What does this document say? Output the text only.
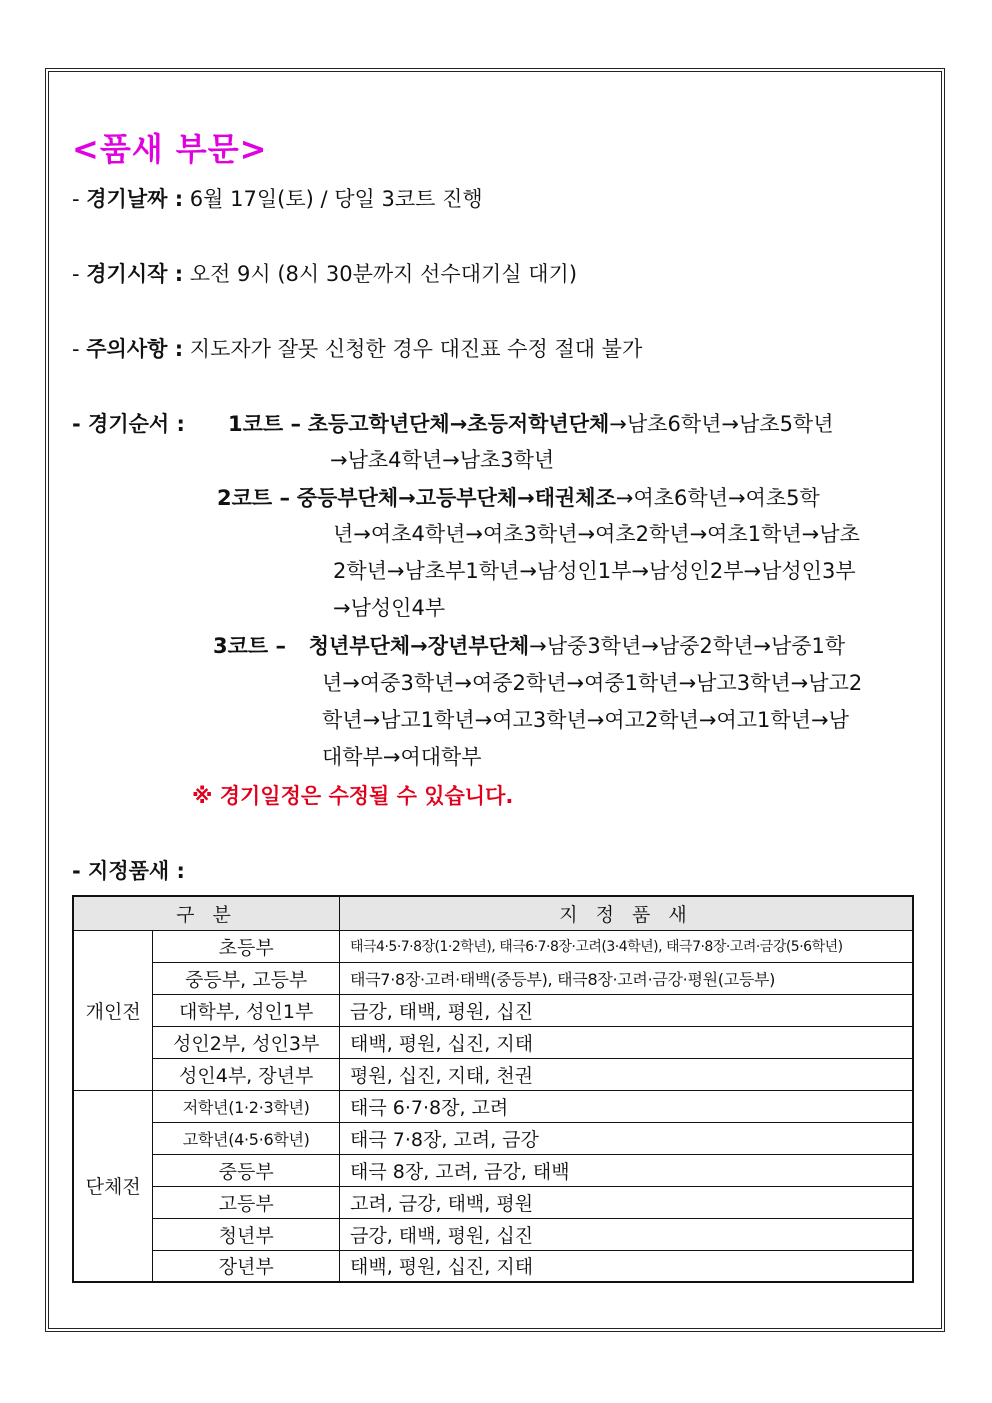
<품새 부문>
- 경기날짜 : 6월 17일(토) / 당일 3코트 진행
- 경기시작 : 오전 9시 (8시 30분까지 선수대기실 대기)
- 주의사항 : 지도자가 잘못 신청한 경우 대진표 수정 절대 불가
- 경기순서 : 1코트 – 초등고학년단체→초등저학년단체→남초6학년→남초5학년
→남초4학년→남초3학년
2코트 – 중등부단체→고등부단체→태권체조→여초6학년→여초5학
년→여초4학년→여초3학년→여초2학년→여초1학년→남초
2학년→남초부1학년→남성인1부→남성인2부→남성인3부
→남성인4부
3코트 – 청년부단체→장년부단체→남중3학년→남중2학년→남중1학
년→여중3학년→여중2학년→여중1학년→남고3학년→남고2
학년→남고1학년→여고3학년→여고2학년→여고1학년→남
대학부→여대학부
※ 경기일정은 수정될 수 있습니다.
- 지정품새 :
구 분		지 정 품 새
개인전	초등부	태극4·5·7·8장(1·2학년), 태극6·7·8장·고려(3·4학년), 태극7·8장·고려·금강(5·6학년)
	중등부, 고등부	태극7·8장·고려·태백(중등부), 태극8장·고려·금강·평원(고등부)
	대학부, 성인1부	금강, 태백, 평원, 십진
	성인2부, 성인3부	태백, 평원, 십진, 지태
	성인4부, 장년부	평원, 십진, 지태, 천권
단체전	저학년(1·2·3학년)	태극 6·7·8장, 고려
	고학년(4·5·6학년)	태극 7·8장, 고려, 금강
	중등부	태극 8장, 고려, 금강, 태백
	고등부	고려, 금강, 태백, 평원
	청년부	금강, 태백, 평원, 십진
	장년부	태백, 평원, 십진, 지태
